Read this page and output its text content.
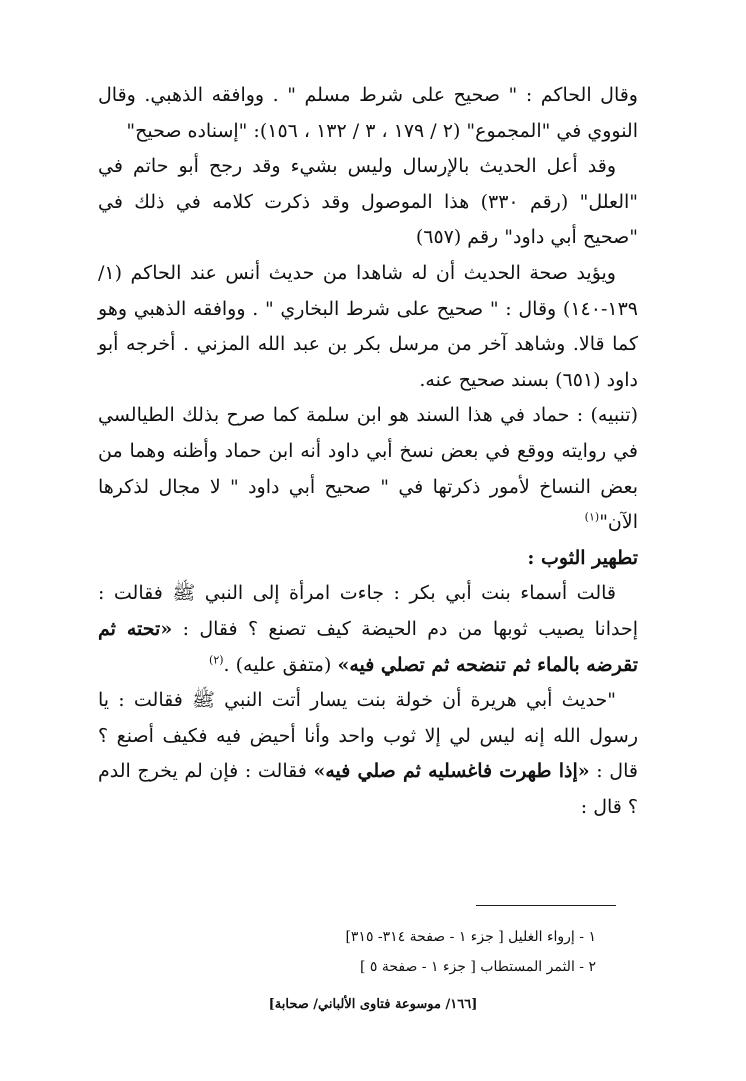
وقال الحاكم : " صحيح على شرط مسلم " . ووافقه الذهبي. وقال النووي في "المجموع" (٢ / ١٧٩ ، ٣ / ١٣٢ ، ١٥٦): "إسناده صحيح"

وقد أعل الحديث بالإرسال وليس بشيء وقد رجح أبو حاتم في "العلل" (رقم ٣٣٠) هذا الموصول وقد ذكرت كلامه في ذلك في "صحيح أبي داود" رقم (٦٥٧)

ويؤيد صحة الحديث أن له شاهدا من حديث أنس عند الحاكم (١/ ١٣٩-١٤٠) وقال : " صحيح على شرط البخاري " . ووافقه الذهبي وهو كما قالا. وشاهد آخر من مرسل بكر بن عبد الله المزني . أخرجه أبو داود (٦٥١) بسند صحيح عنه.

(تنبيه) : حماد في هذا السند هو ابن سلمة كما صرح بذلك الطيالسي في روايته ووقع في بعض نسخ أبي داود أنه ابن حماد وأظنه وهما من بعض النساخ لأمور ذكرتها في " صحيح أبي داود " لا مجال لذكرها الآن"$^{(١)}$

تطهير الثوب :

قالت أسماء بنت أبي بكر : جاءت امرأة إلى النبي ﷺ فقالت : إحدانا يصيب ثوبها من دم الحيضة كيف تصنع ؟ فقال : «تحته ثم تقرضه بالماء ثم تنضحه ثم تصلي فيه» (متفق عليه) .$^{(٢)}$

"حديث أبي هريرة أن خولة بنت يسار أتت النبي ﷺ فقالت : يا رسول الله إنه ليس لي إلا ثوب واحد وأنا أحيض فيه فكيف أصنع ؟ قال : «إذا طهرت فاغسليه ثم صلي فيه» فقالت : فإن لم يخرج الدم ؟ قال :

١ - إرواء الغليل [ جزء ١ - صفحة ٣١٤- ٣١٥]

٢ - الثمر المستطاب [ جزء ١ - صفحة ٥ ]

[١٦٦/ موسوعة فتاوى الألباني/ صحابة]
